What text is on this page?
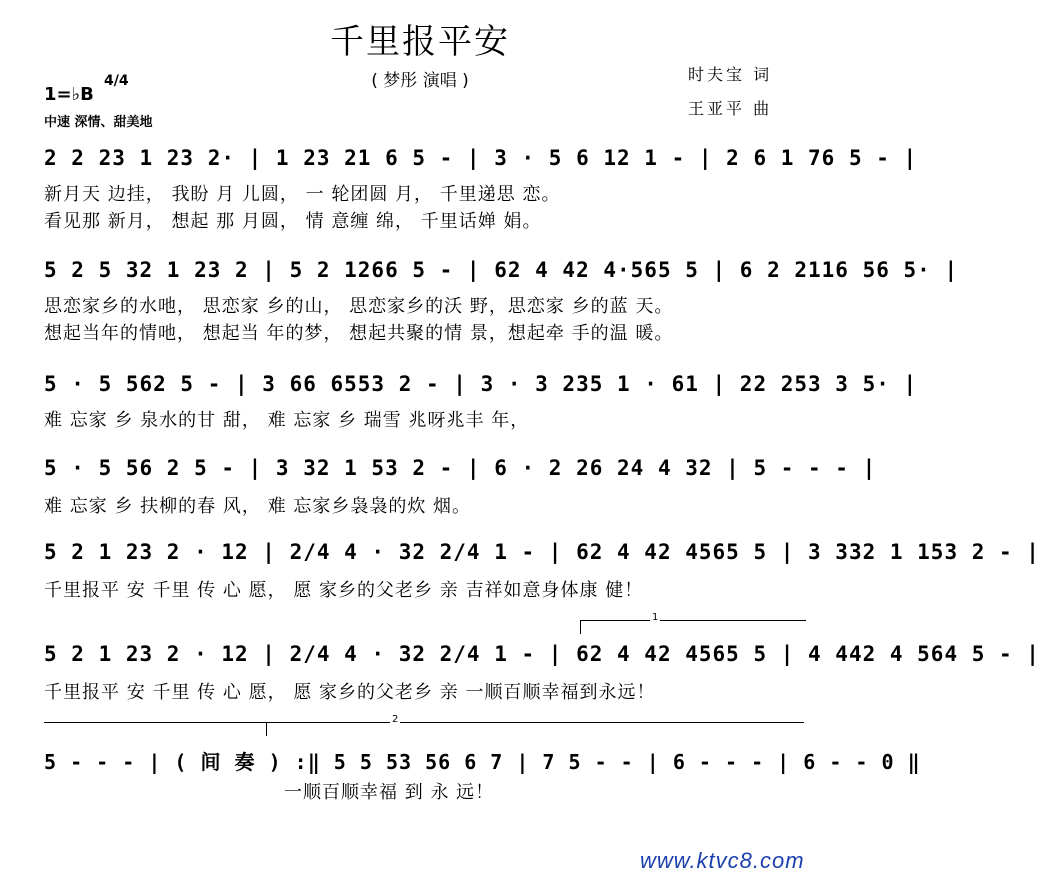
千里报平安
( 梦彤 演唱 )	时夫宝 词
王亚平 曲
1=♭B
4/4
中速 深情、甜美地
2 2 23 1 23 2· | 1 23 21 6 5 - | 3 · 5 6 12 1 - | 2 6 1 76 5 - |
新月天 边挂， 我盼 月 儿圆， 一 轮团圆 月， 千里递思 恋。
看见那 新月， 想起 那 月圆， 情 意缠 绵， 千里话婵 娟。
5 2 5 32 1 23 2 | 5 2 1266 5 - | 62 4 42 4·565 5 | 6 2 2116 56 5· |
思恋家乡的水吔， 思恋家 乡的山， 思恋家乡的沃 野，思恋家 乡的蓝 天。
想起当年的情吔， 想起当 年的梦， 想起共聚的情 景，想起牵 手的温 暖。
5 · 5 562 5 - | 3 66 6553 2 - | 3 · 3 235 1 · 61 | 22 253 3 5· |
难 忘家 乡 泉水的甘 甜， 难 忘家 乡 瑞雪 兆呀兆丰 年，
5 · 5 56 2 5 - | 3 32 1 53 2 - | 6 · 2 26 24 4 32 | 5 - - - |
难 忘家 乡 扶柳的春 风， 难 忘家乡袅袅的炊 烟。
5 2 1 23 2 · 12 | 2/4 4 · 32 2/4 1 - | 62 4 42 4565 5 | 3 332 1 153 2 - |
千里报平 安 千里 传 心 愿， 愿 家乡的父老乡 亲 吉祥如意身体康 健！
1
5 2 1 23 2 · 12 | 2/4 4 · 32 2/4 1 - | 62 4 42 4565 5 | 4 442 4 564 5 - |
千里报平 安 千里 传 心 愿， 愿 家乡的父老乡 亲 一顺百顺幸福到永远！
2
5 - - - | ( 间 奏 ) :‖ 5 5 53 56 6 7 | 7 5 - - | 6 - - - | 6 - - 0 ‖
一顺百顺幸福 到 永 远！
www.ktvc8.com
